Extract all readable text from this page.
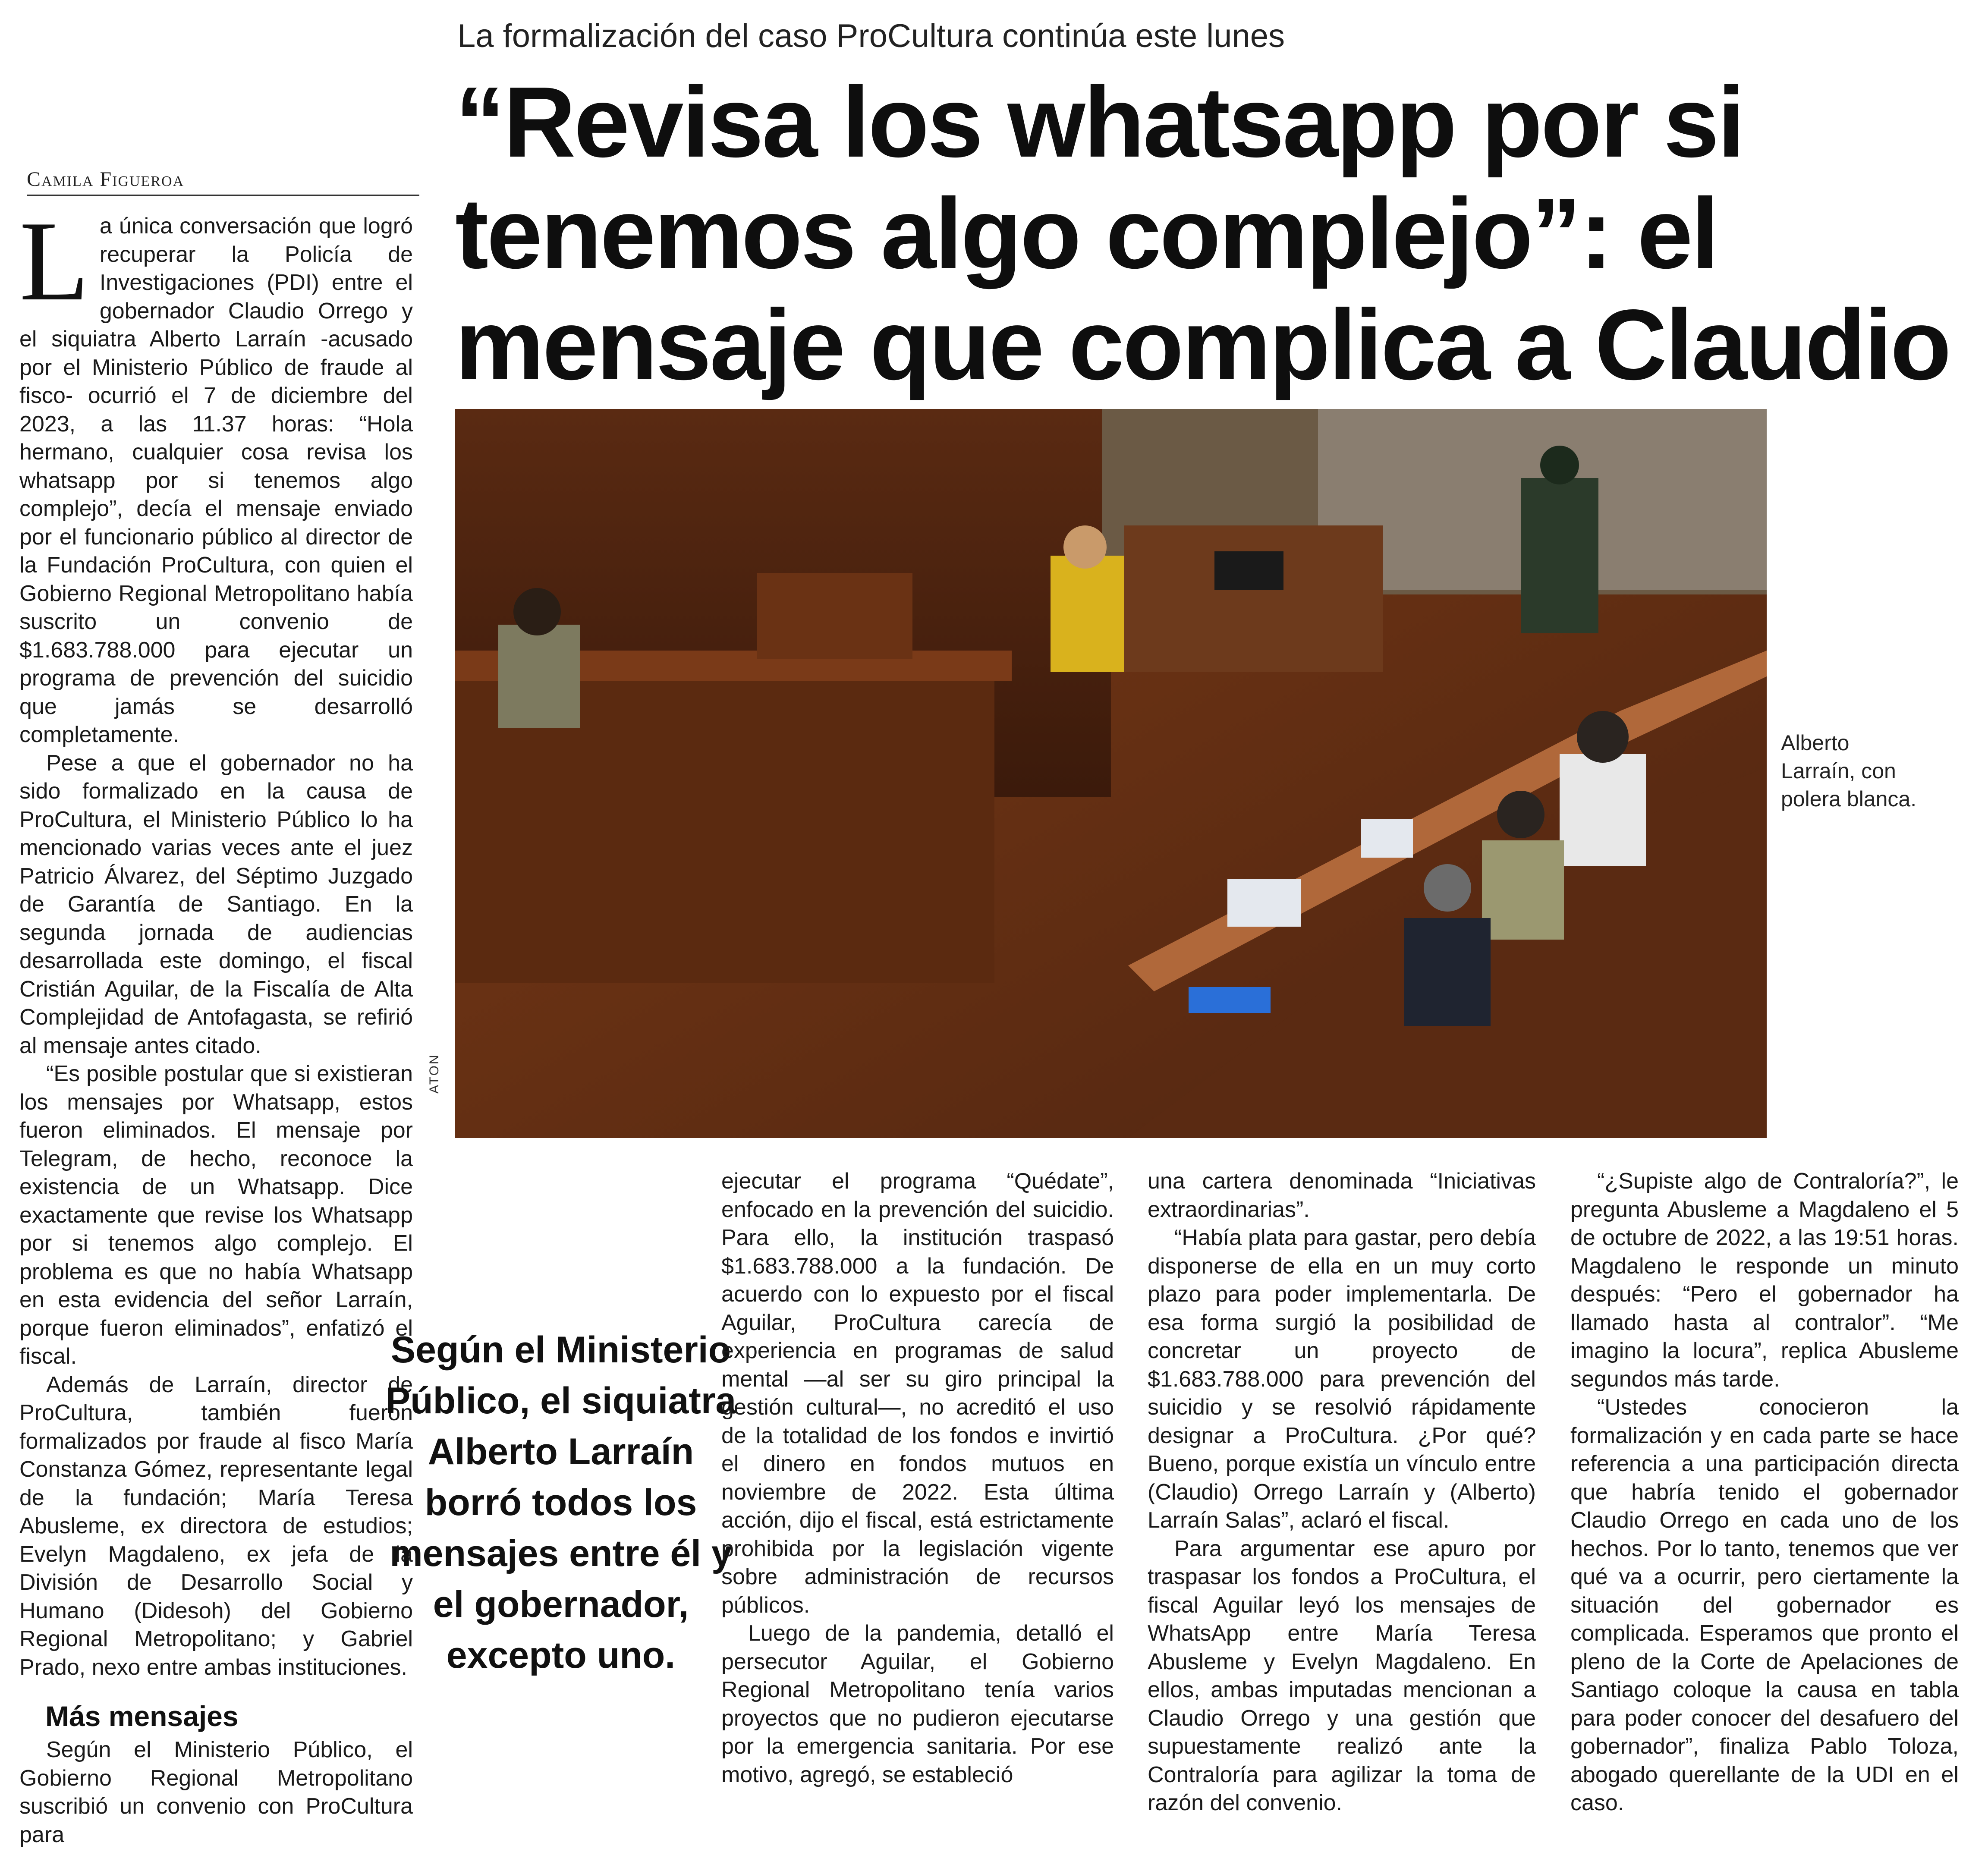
La formalización del caso ProCultura continúa este lunes
“Revisa los whatsapp por si tenemos algo complejo”: el mensaje que complica a Claudio
Camila Figueroa
L a única conversación que logró recuperar la Policía de Investigaciones (PDI) entre el gobernador Claudio Orrego y el siquiatra Alberto Larraín -acusado por el Ministerio Público de fraude al fisco- ocurrió el 7 de diciembre del 2023, a las 11.37 horas: “Hola hermano, cualquier cosa revisa los whatsapp por si tenemos algo complejo”, decía el mensaje enviado por el funcionario público al director de la Fundación ProCultura, con quien el Gobierno Regional Metropolitano había suscrito un convenio de $1.683.788.000 para ejecutar un programa de prevención del suicidio que jamás se desarrolló completamente.

Pese a que el gobernador no ha sido formalizado en la causa de ProCultura, el Ministerio Público lo ha mencionado varias veces ante el juez Patricio Álvarez, del Séptimo Juzgado de Garantía de Santiago. En la segunda jornada de audiencias desarrollada este domingo, el fiscal Cristián Aguilar, de la Fiscalía de Alta Complejidad de Antofagasta, se refirió al mensaje antes citado.

“Es posible postular que si existieran los mensajes por Whatsapp, estos fueron eliminados. El mensaje por Telegram, de hecho, reconoce la existencia de un Whatsapp. Dice exactamente que revise los Whatsapp por si tenemos algo complejo. El problema es que no había Whatsapp en esta evidencia del señor Larraín, porque fueron eliminados”, enfatizó el fiscal.

Además de Larraín, director de ProCultura, también fueron formalizados por fraude al fisco María Constanza Gómez, representante legal de la fundación; María Teresa Abusleme, ex directora de estudios; Evelyn Magdaleno, ex jefa de la División de Desarrollo Social y Humano (Didesoh) del Gobierno Regional Metropolitano; y Gabriel Prado, nexo entre ambas instituciones.

Más mensajes

Según el Ministerio Público, el Gobierno Regional Metropolitano suscribió un convenio con ProCultura para

ATON
Alberto Larraín, con polera blanca.
Según el Ministerio Público, el siquiatra Alberto Larraín borró todos los mensajes entre él y el gobernador, excepto uno.

ejecutar el programa “Quédate”, enfocado en la prevención del suicidio. Para ello, la institución traspasó $1.683.788.000 a la fundación. De acuerdo con lo expuesto por el fiscal Aguilar, ProCultura carecía de experiencia en programas de salud mental —al ser su giro principal la gestión cultural—, no acreditó el uso de la totalidad de los fondos e invirtió el dinero en fondos mutuos en noviembre de 2022. Esta última acción, dijo el fiscal, está estrictamente prohibida por la legislación vigente sobre administración de recursos públicos.

Luego de la pandemia, detalló el persecutor Aguilar, el Gobierno Regional Metropolitano tenía varios proyectos que no pudieron ejecutarse por la emergencia sanitaria. Por ese motivo, agregó, se estableció

una cartera denominada “Iniciativas extraordinarias”.

“Había plata para gastar, pero debía disponerse de ella en un muy corto plazo para poder implementarla. De esa forma surgió la posibilidad de concretar un proyecto de $1.683.788.000 para prevención del suicidio y se resolvió rápidamente designar a ProCultura. ¿Por qué? Bueno, porque existía un vínculo entre (Claudio) Orrego Larraín y (Alberto) Larraín Salas”, aclaró el fiscal.

Para argumentar ese apuro por traspasar los fondos a ProCultura, el fiscal Aguilar leyó los mensajes de WhatsApp entre María Teresa Abusleme y Evelyn Magdaleno. En ellos, ambas imputadas mencionan a Claudio Orrego y una gestión que supuestamente realizó ante la Contraloría para agilizar la toma de razón del convenio.

“¿Supiste algo de Contraloría?”, le pregunta Abusleme a Magdaleno el 5 de octubre de 2022, a las 19:51 horas. Magdaleno le responde un minuto después: “Pero el gobernador ha llamado hasta al contralor”. “Me imagino la locura”, replica Abusleme segundos más tarde.

“Ustedes conocieron la formalización y en cada parte se hace referencia a una participación directa que habría tenido el gobernador Claudio Orrego en cada uno de los hechos. Por lo tanto, tenemos que ver qué va a ocurrir, pero ciertamente la situación del gobernador es complicada. Esperamos que pronto el pleno de la Corte de Apelaciones de Santiago coloque la causa en tabla para poder conocer del desafuero del gobernador”, finaliza Pablo Toloza, abogado querellante de la UDI en el caso.
